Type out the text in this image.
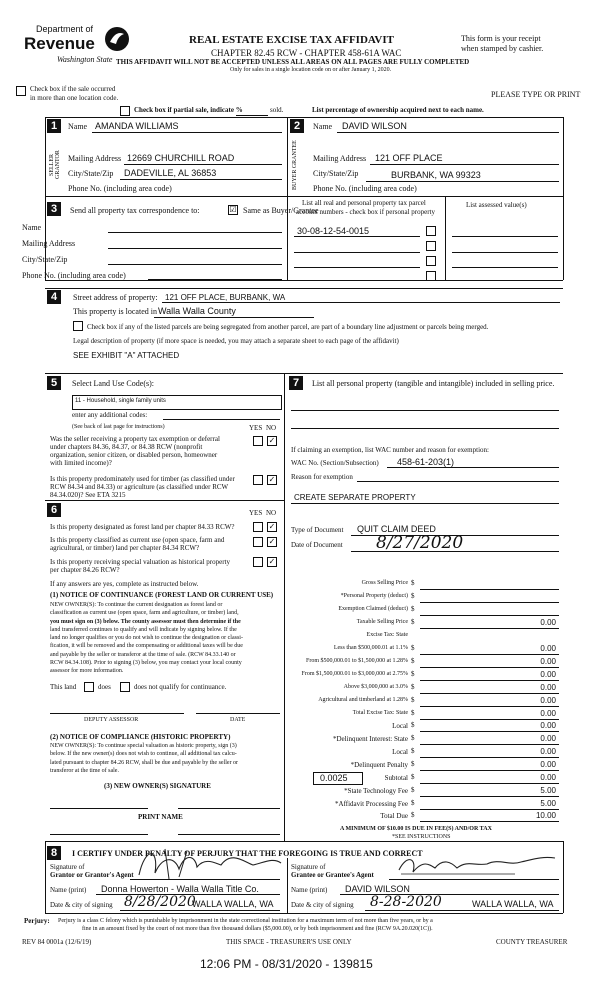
Department of
Revenue
Washington State
REAL ESTATE EXCISE TAX AFFIDAVIT
CHAPTER 82.45 RCW - CHAPTER 458-61A WAC
THIS AFFIDAVIT WILL NOT BE ACCEPTED UNLESS ALL AREAS ON ALL PAGES ARE FULLY COMPLETED
Only for sales in a single location code on or after January 1, 2020.
This form is your receipt
when stamped by cashier.
PLEASE TYPE OR PRINT
Check box if the sale occurred
in more than one location code.
Check box if partial sale, indicate %	sold.	List percentage of ownership acquired next to each name.
1
SELLER GRANTOR
Name AMANDA WILLIAMS
Mailing Address 12669 CHURCHILL ROAD
City/State/Zip DADEVILLE, AL 36853
Phone No. (including area code)
2
BUYER GRANTEE
Name DAVID WILSON
Mailing Address 121 OFF PLACE
City/State/Zip	BURBANK, WA 99323
Phone No. (including area code)
3	Send all property tax correspondence to:	☑ Same as Buyer/Grantee
Name
Mailing Address
City/State/Zip
Phone No. (including area code)
List all real and personal property tax parcel
account numbers - check box if personal property
List assessed value(s)
30-08-12-54-0015
4	Street address of property: 121 OFF PLACE, BURBANK, WA
This property is located in Walla Walla County
Check box if any of the listed parcels are being segregated from another parcel, are part of a boundary line adjustment or parcels being merged.
Legal description of property (if more space is needed, you may attach a separate sheet to each page of the affidavit)
SEE EXHIBIT "A" ATTACHED
5	Select Land Use Code(s):
11 - Household, single family units
enter any additional codes:
(See back of last page for instructions)	YES NO
Was the seller receiving a property tax exemption or deferral
under chapters 84.36, 84.37, or 84.38 RCW (nonprofit
organization, senior citizen, or disabled person, homeowner
with limited income)?
✓
Is this property predominately used for timber (as classified under
RCW 84.34 and 84.33) or agriculture (as classified under RCW
84.34.020)? See ETA 3215
✓
7	List all personal property (tangible and intangible) included in selling price.
If claiming an exemption, list WAC number and reason for exemption:
WAC No. (Section/Subsection) 458-61-203(1)
Reason for exemption
CREATE SEPARATE PROPERTY
6	YES NO
Is this property designated as forest land per chapter 84.33 RCW?	✓
Is this property classified as current use (open space, farm and
agricultural, or timber) land per chapter 84.34 RCW?
✓
Is this property receiving special valuation as historical property
per chapter 84.26 RCW?
✓
If any answers are yes, complete as instructed below.
(1) NOTICE OF CONTINUANCE (FOREST LAND OR CURRENT USE)
NEW OWNER(S): To continue the current designation as forest land or
classification as current use (open space, farm and agriculture, or timber) land,
you must sign on (3) below. The county assessor must then determine if the
land transferred continues to qualify and will indicate by signing below. If the
land no longer qualifies or you do not wish to continue the designation or classi-
fication, it will be removed and the compensating or additional taxes will be due
and payable by the seller or transferor at the time of sale. (RCW 84.33.140 or
RCW 84.34.108). Prior to signing (3) below, you may contact your local county
assessor for more information.
This land	does	does not qualify for continuance.
DEPUTY ASSESSOR	DATE
(2) NOTICE OF COMPLIANCE (HISTORIC PROPERTY)
NEW OWNER(S): To continue special valuation as historic property, sign (3)
below. If the new owner(s) does not wish to continue, all additional tax calcu-
lated pursuant to chapter 84.26 RCW, shall be due and payable by the seller or
transferor at the time of sale.
(3) NEW OWNER(S) SIGNATURE
PRINT NAME
Type of Document QUIT CLAIM DEED
Date of Document 8/27/2020
Gross Selling Price $
*Personal Property (deduct) $
Exemption Claimed (deduct) $
Taxable Selling Price $	0.00
Excise Tax: State
Less than $500,000.01 at 1.1% $	0.00
From $500,000.01 to $1,500,000 at 1.28% $	0.00
From $1,500,000.01 to $3,000,000 at 2.75% $	0.00
Above $3,000,000 at 3.0% $	0.00
Agricultural and timberland at 1.28% $	0.00
Total Excise Tax: State $	0.00
Local $	0.00
*Delinquent Interest: State $	0.00
Local $	0.00
*Delinquent Penalty $	0.00
Subtotal $	0.00
*State Technology Fee $	5.00
*Affidavit Processing Fee $	5.00
Total Due $	10.00
0.0025
A MINIMUM OF $10.00 IS DUE IN FEE(S) AND/OR TAX
*SEE INSTRUCTIONS
8	I CERTIFY UNDER PENALTY OF PERJURY THAT THE FOREGOING IS TRUE AND CORRECT
Signature of
Grantor or Grantor's Agent
Signature of
Grantee or Grantee's Agent
Name (print) Donna Howerton - Walla Walla Title Co.	Name (print) DAVID WILSON
Date & city of signing 8/28/2020
WALLA WALLA, WA Date & city of signing 8-28-2020	WALLA WALLA, WA
Perjury: Perjury is a class C felony which is punishable by imprisonment in the state correctional institution for a maximum term of not more than five years, or by a
fine in an amount fixed by the court of not more than five thousand dollars ($5,000.00), or by both imprisonment and fine (RCW 9A.20.020(1C)).
REV 84 0001a (12/6/19)	THIS SPACE - TREASURER'S USE ONLY	COUNTY TREASURER
12:06 PM - 08/31/2020 - 139815
